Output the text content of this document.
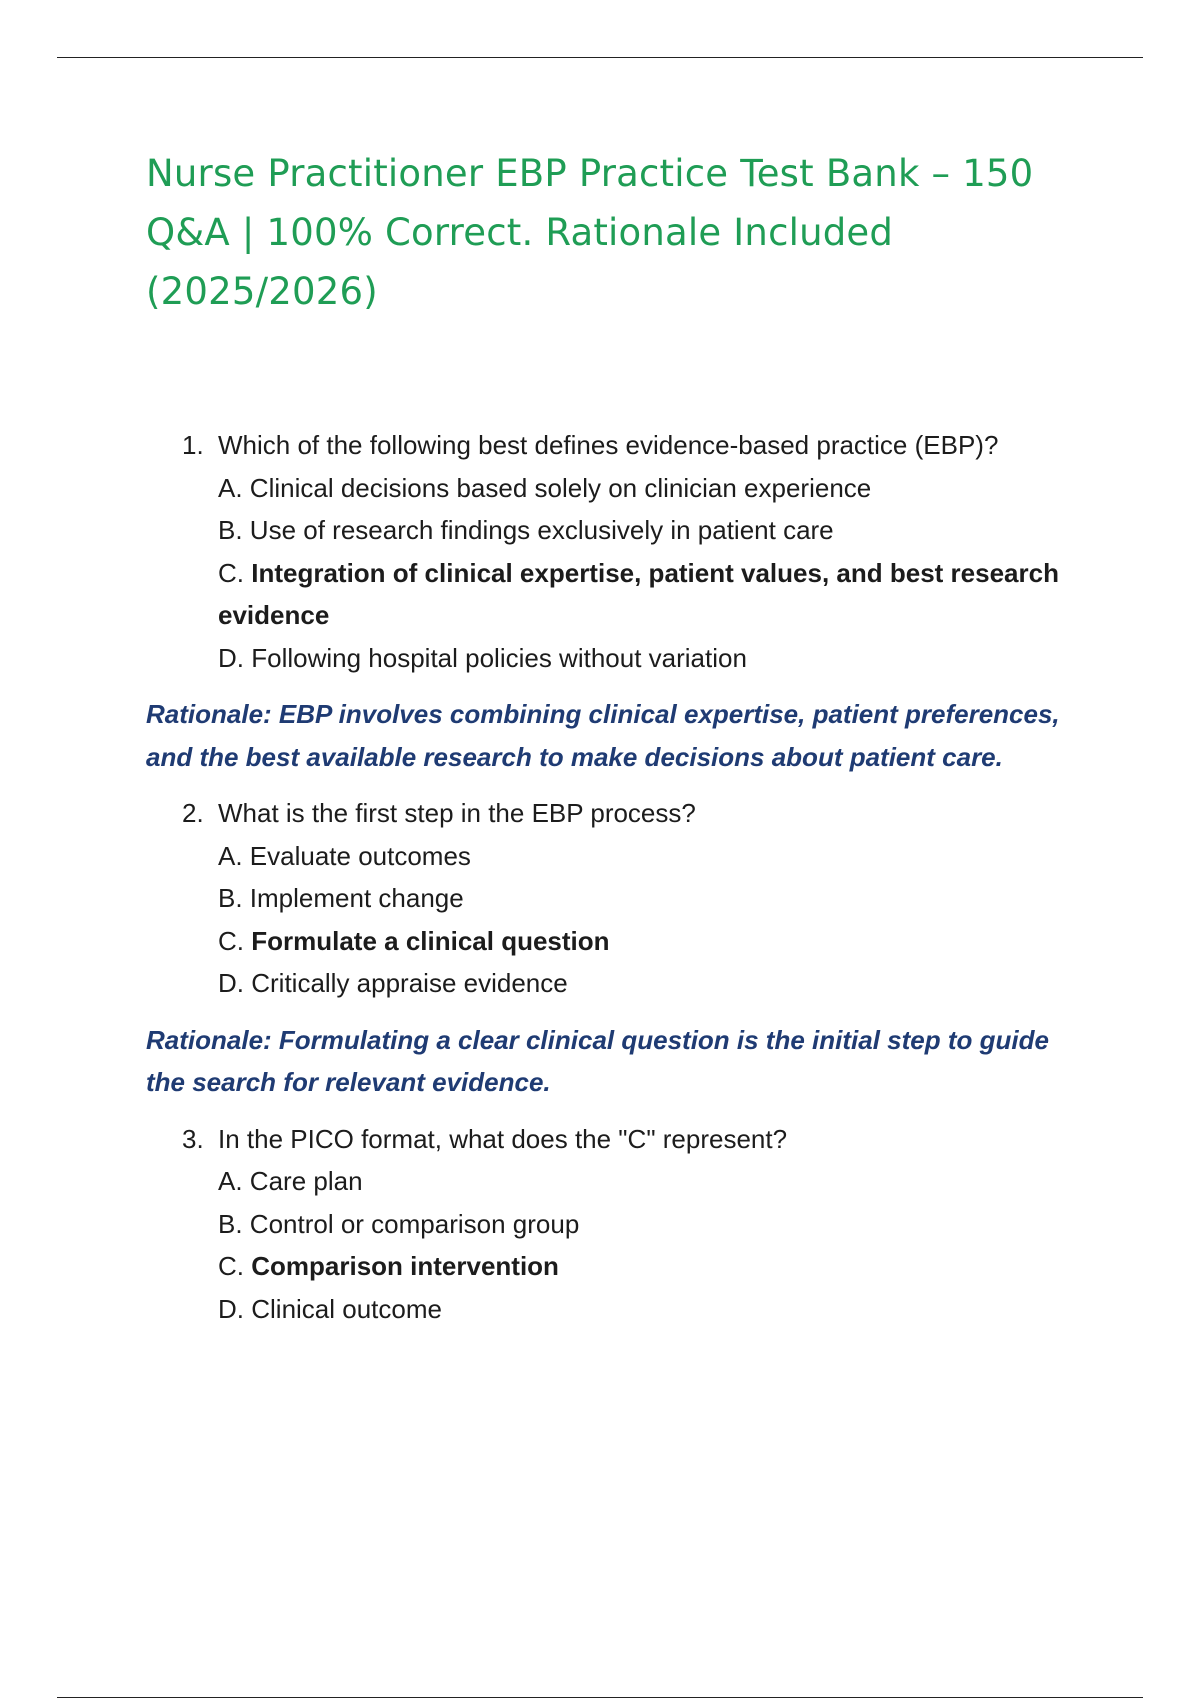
Nurse Practitioner EBP Practice Test Bank – 150 Q&A | 100% Correct. Rationale Included (2025/2026)
1. Which of the following best defines evidence-based practice (EBP)?
A. Clinical decisions based solely on clinician experience
B. Use of research findings exclusively in patient care
C. Integration of clinical expertise, patient values, and best research evidence
D. Following hospital policies without variation
Rationale: EBP involves combining clinical expertise, patient preferences, and the best available research to make decisions about patient care.
2. What is the first step in the EBP process?
A. Evaluate outcomes
B. Implement change
C. Formulate a clinical question
D. Critically appraise evidence
Rationale: Formulating a clear clinical question is the initial step to guide the search for relevant evidence.
3. In the PICO format, what does the "C" represent?
A. Care plan
B. Control or comparison group
C. Comparison intervention
D. Clinical outcome
